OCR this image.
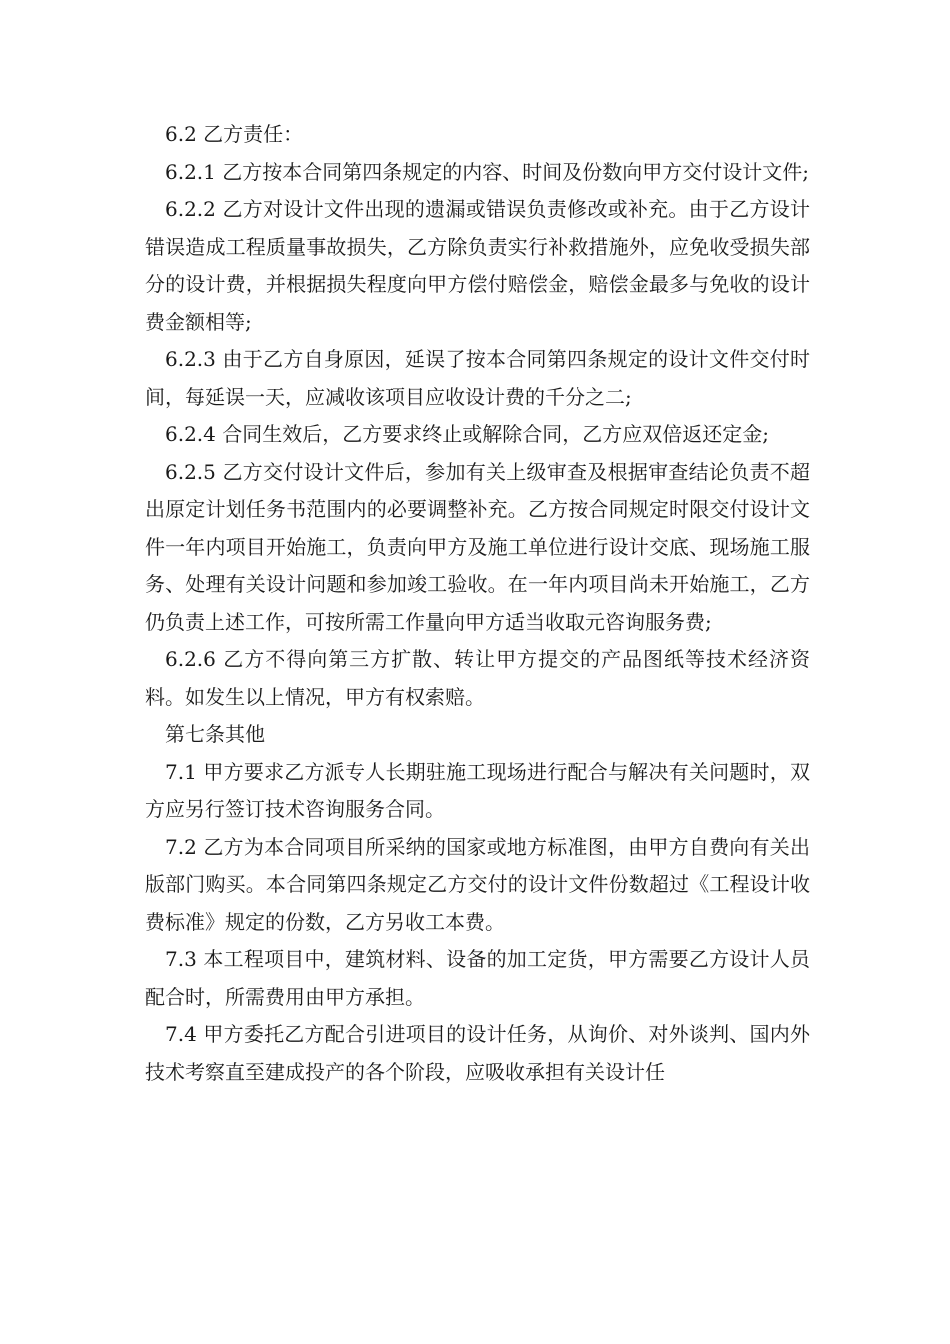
6.2 乙方责任：

6.2.1 乙方按本合同第四条规定的内容、时间及份数向甲方交付设计文件;

6.2.2 乙方对设计文件出现的遗漏或错误负责修改或补充。由于乙方设计错误造成工程质量事故损失，乙方除负责实行补救措施外，应免收受损失部分的设计费，并根据损失程度向甲方偿付赔偿金，赔偿金最多与免收的设计费金额相等;

6.2.3 由于乙方自身原因，延误了按本合同第四条规定的设计文件交付时间，每延误一天，应减收该项目应收设计费的千分之二;

6.2.4 合同生效后，乙方要求终止或解除合同，乙方应双倍返还定金;

6.2.5 乙方交付设计文件后，参加有关上级审查及根据审查结论负责不超出原定计划任务书范围内的必要调整补充。乙方按合同规定时限交付设计文件一年内项目开始施工，负责向甲方及施工单位进行设计交底、现场施工服务、处理有关设计问题和参加竣工验收。在一年内项目尚未开始施工，乙方仍负责上述工作，可按所需工作量向甲方适当收取元咨询服务费;

6.2.6 乙方不得向第三方扩散、转让甲方提交的产品图纸等技术经济资料。如发生以上情况，甲方有权索赔。

第七条其他

7.1 甲方要求乙方派专人长期驻施工现场进行配合与解决有关问题时，双方应另行签订技术咨询服务合同。

7.2 乙方为本合同项目所采纳的国家或地方标准图，由甲方自费向有关出版部门购买。本合同第四条规定乙方交付的设计文件份数超过《工程设计收费标准》规定的份数，乙方另收工本费。

7.3 本工程项目中，建筑材料、设备的加工定货，甲方需要乙方设计人员配合时，所需费用由甲方承担。

7.4 甲方委托乙方配合引进项目的设计任务，从询价、对外谈判、国内外技术考察直至建成投产的各个阶段，应吸收承担有关设计任
